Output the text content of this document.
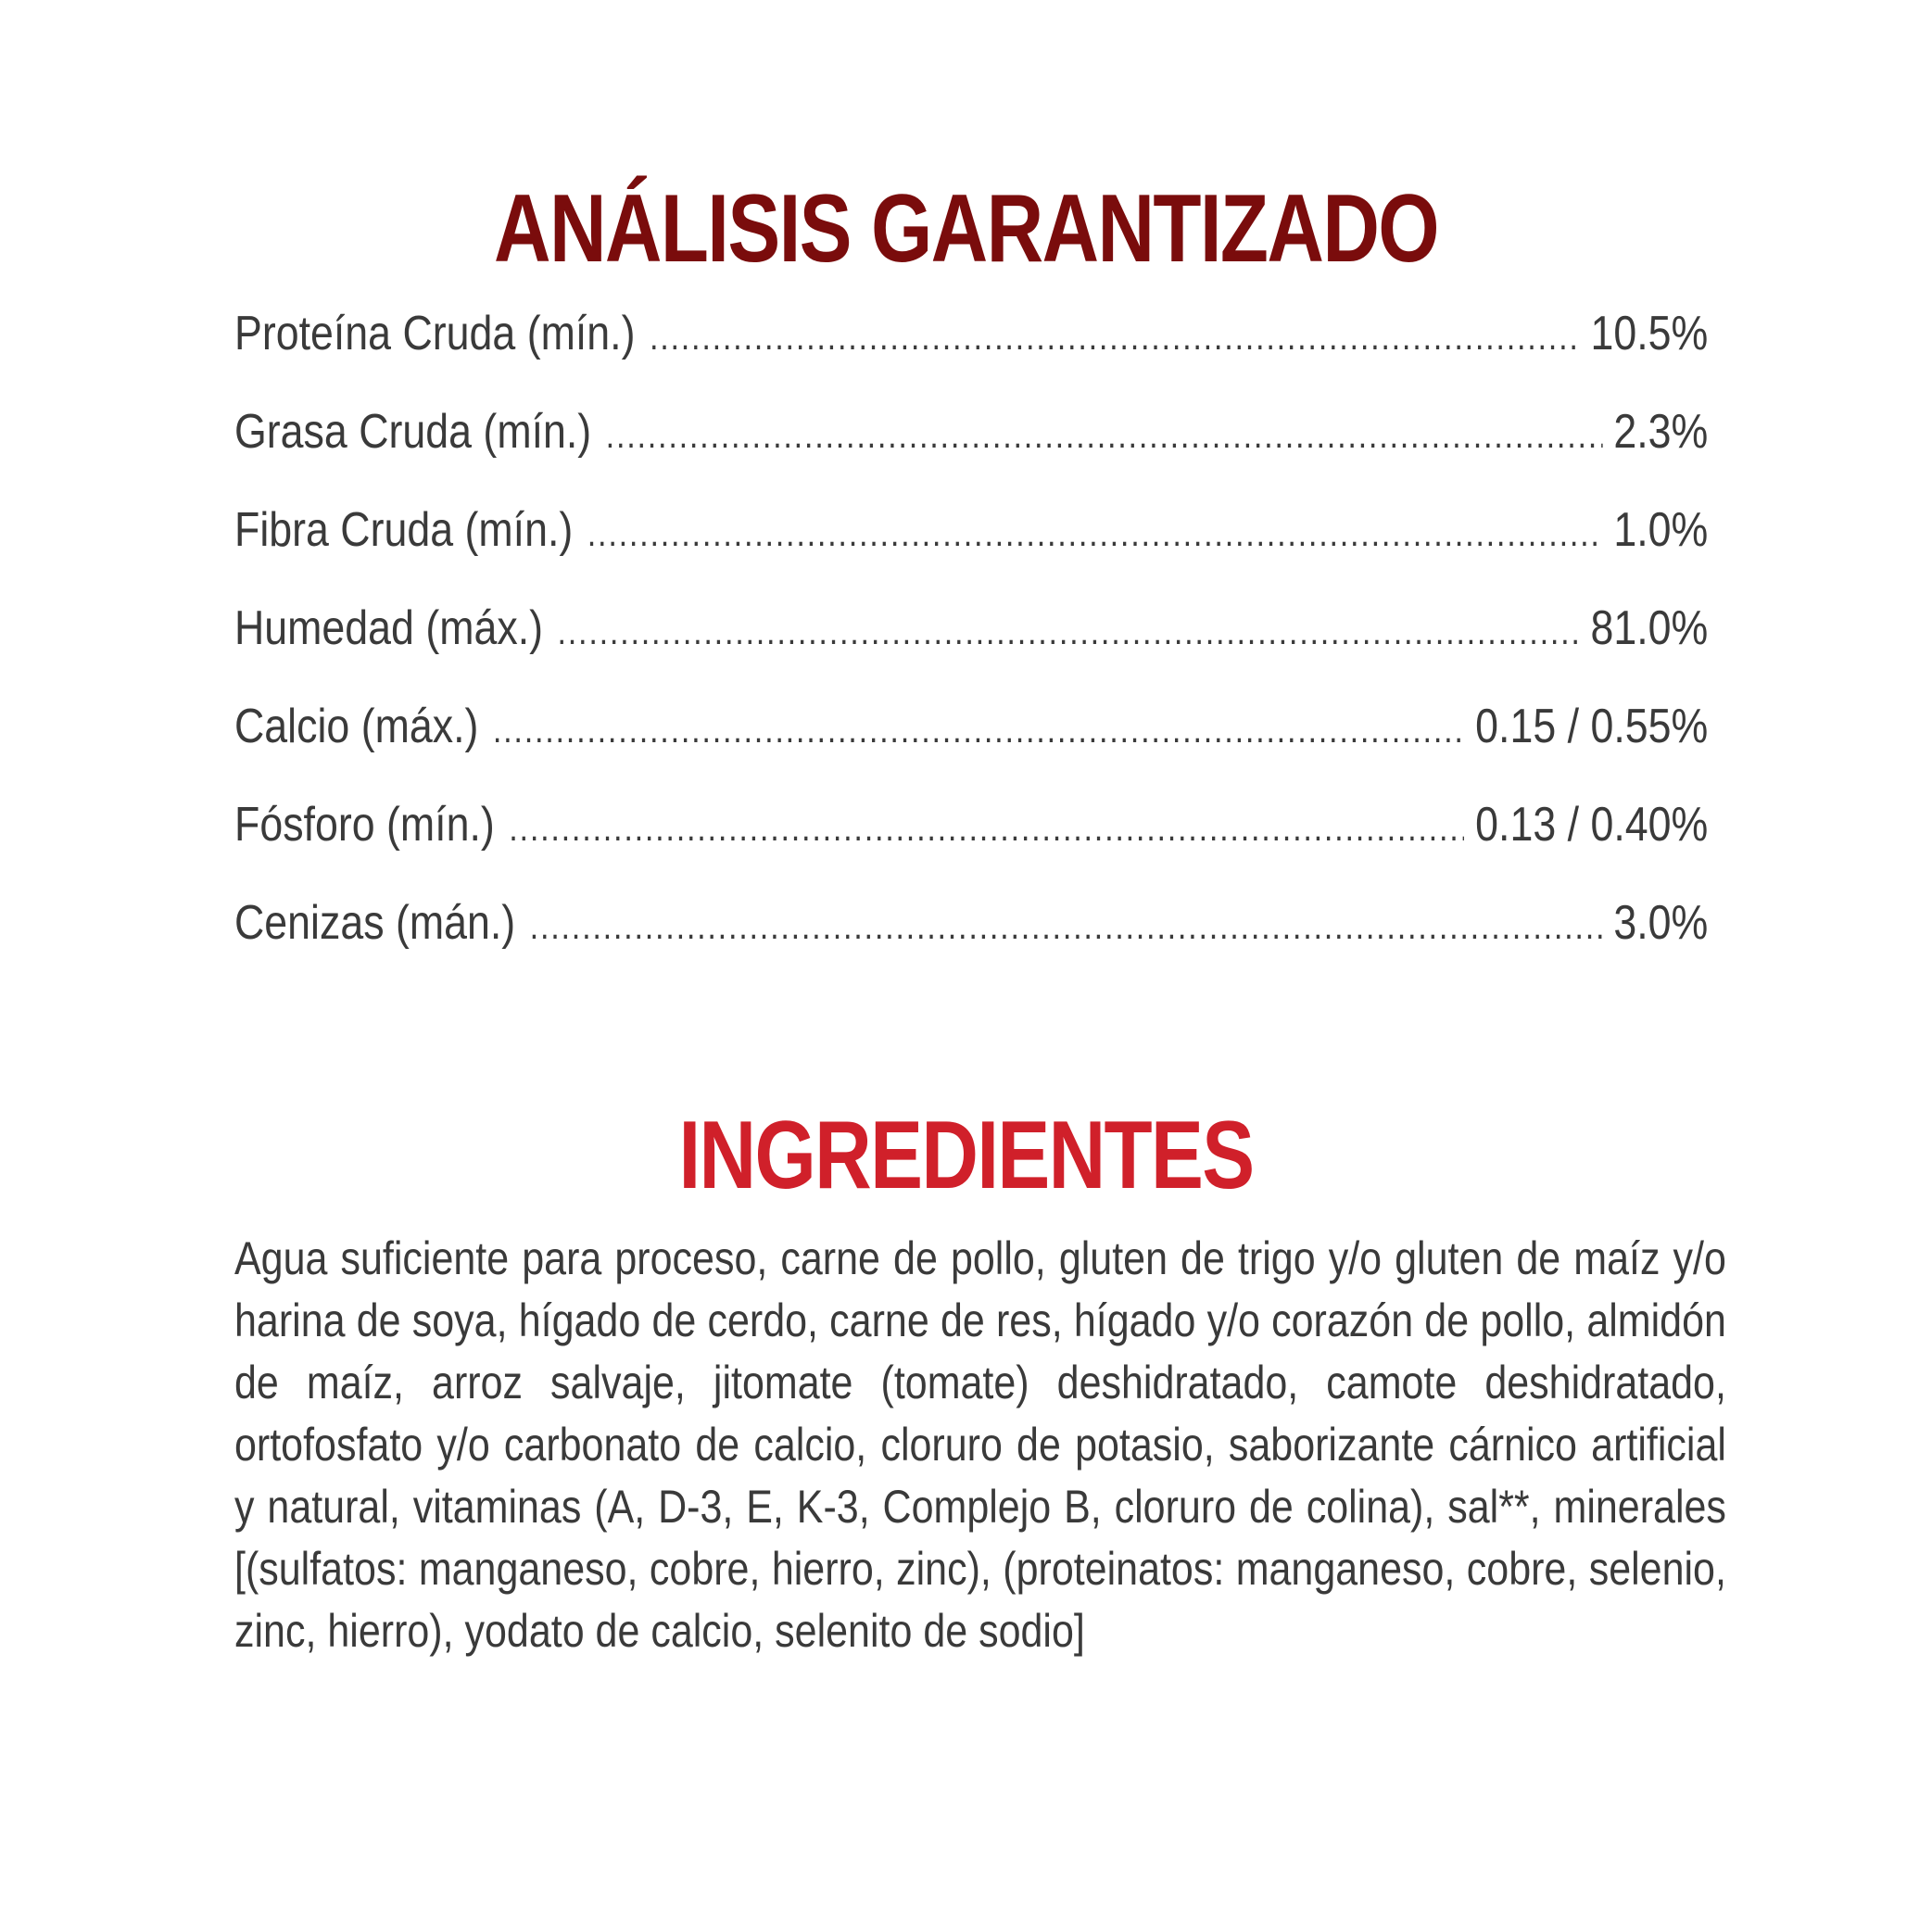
ANÁLISIS GARANTIZADO
Proteína Cruda (mín.) .....	10.5%
Grasa Cruda (mín.) .....	2.3%
Fibra Cruda (mín.) .....	1.0%
Humedad (máx.) .....	81.0%
Calcio (máx.) .....	0.15 / 0.55%
Fósforo (mín.) .....	0.13 / 0.40%
Cenizas (mán.) .....	3.0%
INGREDIENTES

Agua suficiente para proceso, carne de pollo, gluten de trigo y/o gluten de maíz y/o harina de soya, hígado de cerdo, carne de res, hígado y/o corazón de pollo, almidón de maíz, arroz salvaje, jitomate (tomate) deshidratado, camote deshidratado, ortofosfato y/o carbonato de calcio, cloruro de potasio, saborizante cárnico artificial y natural, vitaminas (A, D-3, E, K-3, Complejo B, cloruro de colina), sal**, minerales [(sulfatos: manganeso, cobre, hierro, zinc), (proteinatos: manganeso, cobre, selenio, zinc, hierro), yodato de calcio, selenito de sodio]
